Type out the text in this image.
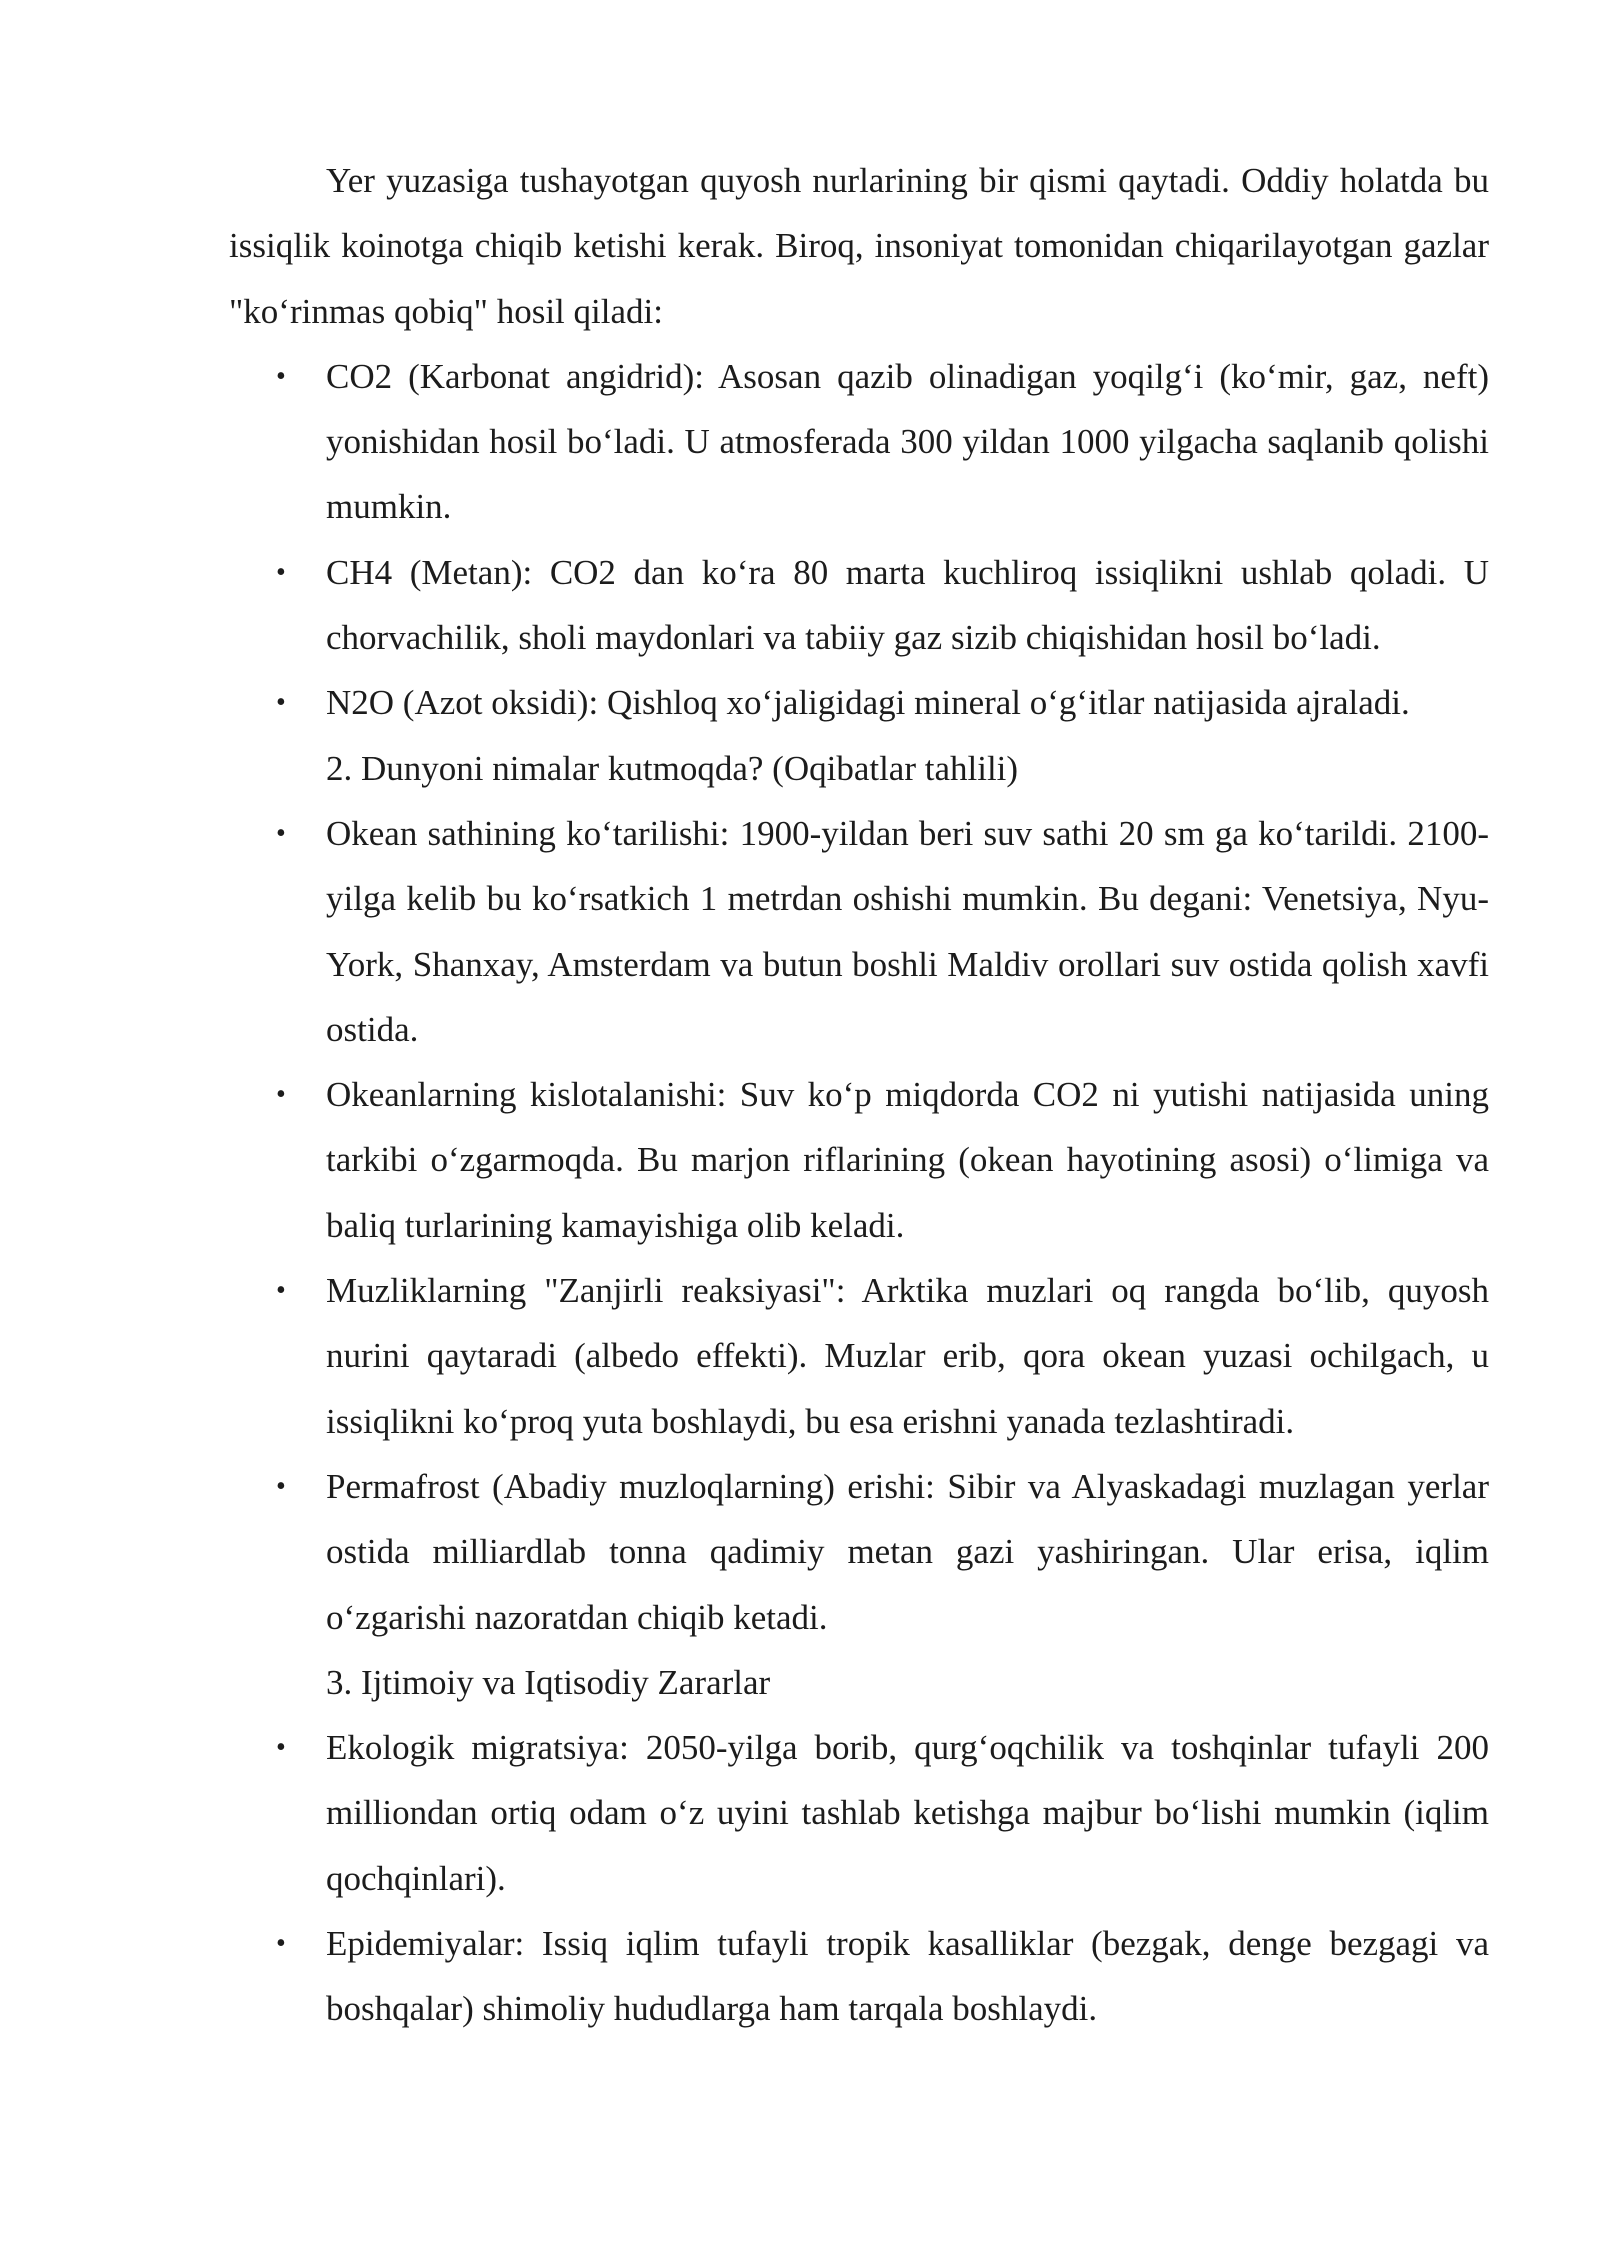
Yer yuzasiga tushayotgan quyosh nurlarining bir qismi qaytadi. Oddiy holatda bu issiqlik koinotga chiqib ketishi kerak. Biroq, insoniyat tomonidan chiqarilayotgan gazlar "ko‘rinmas qobiq" hosil qiladi:

• CO2 (Karbonat angidrid): Asosan qazib olinadigan yoqilg‘i (ko‘mir, gaz, neft) yonishidan hosil bo‘ladi. U atmosferada 300 yildan 1000 yilgacha saqlanib qolishi mumkin.
• CH4 (Metan): CO2 dan ko‘ra 80 marta kuchliroq issiqlikni ushlab qoladi. U chorvachilik, sholi maydonlari va tabiiy gaz sizib chiqishidan hosil bo‘ladi.
• N2O (Azot oksidi): Qishloq xo‘jaligidagi mineral o‘g‘itlar natijasida ajraladi.

2. Dunyoni nimalar kutmoqda? (Oqibatlar tahlili)

• Okean sathining ko‘tarilishi: 1900-yildan beri suv sathi 20 sm ga ko‘tarildi. 2100-yilga kelib bu ko‘rsatkich 1 metrdan oshishi mumkin. Bu degani: Venetsiya, Nyu-York, Shanxay, Amsterdam va butun boshli Maldiv orollari suv ostida qolish xavfi ostida.
• Okeanlarning kislotalanishi: Suv ko‘p miqdorda CO2 ni yutishi natijasida uning tarkibi o‘zgarmoqda. Bu marjon riflarining (okean hayotining asosi) o‘limiga va baliq turlarining kamayishiga olib keladi.
• Muzliklarning "Zanjirli reaksiyasi": Arktika muzlari oq rangda bo‘lib, quyosh nurini qaytaradi (albedo effekti). Muzlar erib, qora okean yuzasi ochilgach, u issiqlikni ko‘proq yuta boshlaydi, bu esa erishni yanada tezlashtiradi.
• Permafrost (Abadiy muzloqlarning) erishi: Sibir va Alyaskadagi muzlagan yerlar ostida milliardlab tonna qadimiy metan gazi yashiringan. Ular erisa, iqlim o‘zgarishi nazoratdan chiqib ketadi.

3. Ijtimoiy va Iqtisodiy Zararlar

• Ekologik migratsiya: 2050-yilga borib, qurg‘oqchilik va toshqinlar tufayli 200 milliondan ortiq odam o‘z uyini tashlab ketishga majbur bo‘lishi mumkin (iqlim qochqinlari).
• Epidemiyalar: Issiq iqlim tufayli tropik kasalliklar (bezgak, denge bezgagi va boshqalar) shimoliy hududlarga ham tarqala boshlaydi.
